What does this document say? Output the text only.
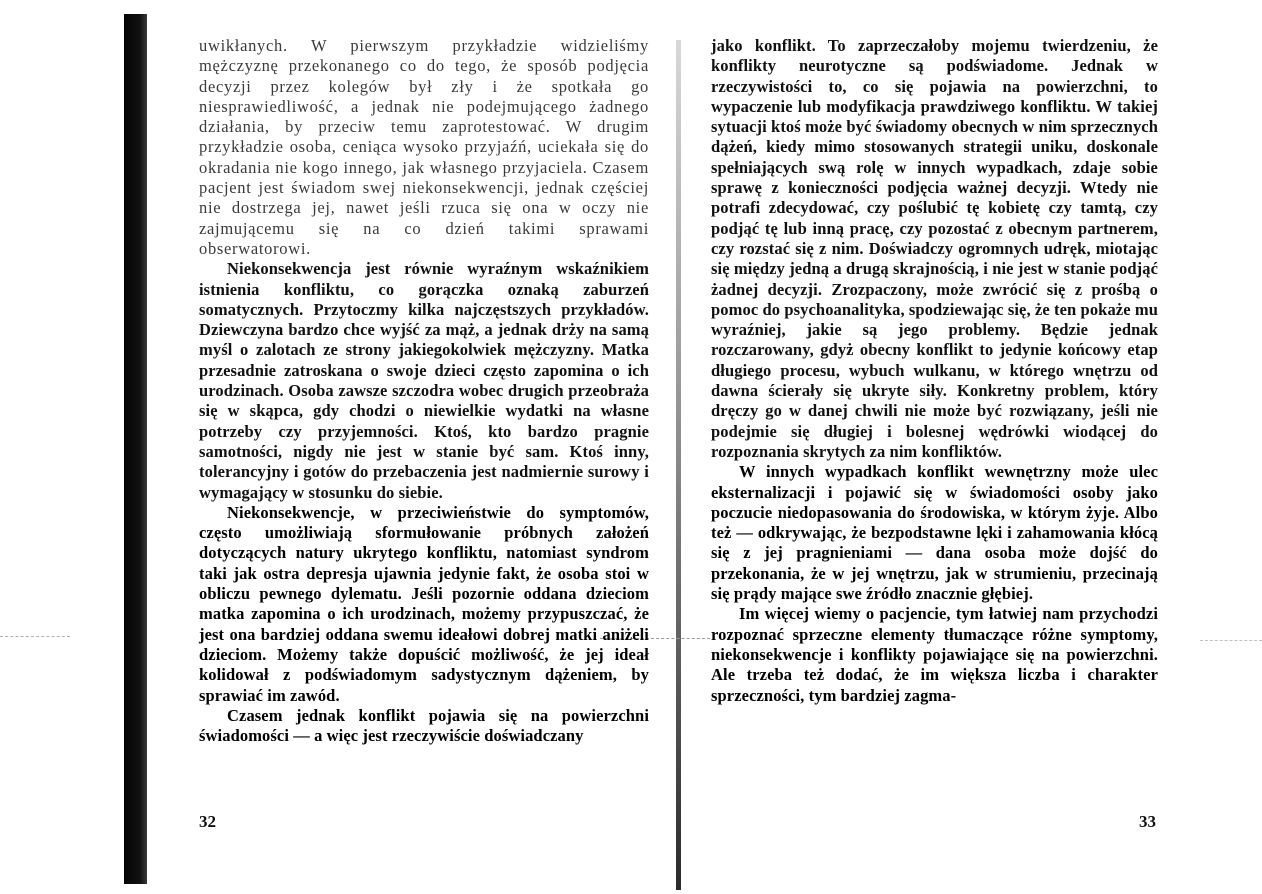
uwikłanych. W pierwszym przykładzie widzieliśmy mężczyznę przekonanego co do tego, że sposób podjęcia decyzji przez kolegów był zły i że spotkała go niesprawiedliwość, a jednak nie podejmującego żadnego działania, by przeciw temu zaprotestować. W drugim przykładzie osoba, ceniąca wysoko przyjaźń, uciekała się do okradania nie kogo innego, jak własnego przyjaciela. Czasem pacjent jest świadom swej niekonsekwencji, jednak częściej nie dostrzega jej, nawet jeśli rzuca się ona w oczy nie zajmującemu się na co dzień takimi sprawami obserwatorowi.

Niekonsekwencja jest równie wyraźnym wskaźnikiem istnienia konfliktu, co gorączka oznaką zaburzeń somatycznych. Przytoczmy kilka najczęstszych przykładów. Dziewczyna bardzo chce wyjść za mąż, a jednak drży na samą myśl o zalotach ze strony jakiegokolwiek mężczyzny. Matka przesadnie zatroskana o swoje dzieci często zapomina o ich urodzinach. Osoba zawsze szczodra wobec drugich przeobraża się w skąpca, gdy chodzi o niewielkie wydatki na własne potrzeby czy przyjemności. Ktoś, kto bardzo pragnie samotności, nigdy nie jest w stanie być sam. Ktoś inny, tolerancyjny i gotów do przebaczenia jest nadmiernie surowy i wymagający w stosunku do siebie.

Niekonsekwencje, w przeciwieństwie do symptomów, często umożliwiają sformułowanie próbnych założeń dotyczących natury ukrytego konfliktu, natomiast syndrom taki jak ostra depresja ujawnia jedynie fakt, że osoba stoi w obliczu pewnego dylematu. Jeśli pozornie oddana dzieciom matka zapomina o ich urodzinach, możemy przypuszczać, że jest ona bardziej oddana swemu ideałowi dobrej matki aniżeli dzieciom. Możemy także dopuścić możliwość, że jej ideał kolidował z podświadomym sadystycznym dążeniem, by sprawiać im zawód.

Czasem jednak konflikt pojawia się na powierzchni świadomości — a więc jest rzeczywiście doświadczany

32

jako konflikt. To zaprzeczałoby mojemu twierdzeniu, że konflikty neurotyczne są podświadome. Jednak w rzeczywistości to, co się pojawia na powierzchni, to wypaczenie lub modyfikacja prawdziwego konfliktu. W takiej sytuacji ktoś może być świadomy obecnych w nim sprzecznych dążeń, kiedy mimo stosowanych strategii uniku, doskonale spełniających swą rolę w innych wypadkach, zdaje sobie sprawę z konieczności podjęcia ważnej decyzji. Wtedy nie potrafi zdecydować, czy poślubić tę kobietę czy tamtą, czy podjąć tę lub inną pracę, czy pozostać z obecnym partnerem, czy rozstać się z nim. Doświadczy ogromnych udręk, miotając się między jedną a drugą skrajnością, i nie jest w stanie podjąć żadnej decyzji. Zrozpaczony, może zwrócić się z prośbą o pomoc do psychoanalityka, spodziewając się, że ten pokaże mu wyraźniej, jakie są jego problemy. Będzie jednak rozczarowany, gdyż obecny konflikt to jedynie końcowy etap długiego procesu, wybuch wulkanu, w którego wnętrzu od dawna ścierały się ukryte siły. Konkretny problem, który dręczy go w danej chwili nie może być rozwiązany, jeśli nie podejmie się długiej i bolesnej wędrówki wiodącej do rozpoznania skrytych za nim konfliktów.

W innych wypadkach konflikt wewnętrzny może ulec eksternalizacji i pojawić się w świadomości osoby jako poczucie niedopasowania do środowiska, w którym żyje. Albo też — odkrywając, że bezpodstawne lęki i zahamowania kłócą się z jej pragnieniami — dana osoba może dojść do przekonania, że w jej wnętrzu, jak w strumieniu, przecinają się prądy mające swe źródło znacznie głębiej.

Im więcej wiemy o pacjencie, tym łatwiej nam przychodzi rozpoznać sprzeczne elementy tłumaczące różne symptomy, niekonsekwencje i konflikty pojawiające się na powierzchni. Ale trzeba też dodać, że im większa liczba i charakter sprzeczności, tym bardziej zagma-

33
